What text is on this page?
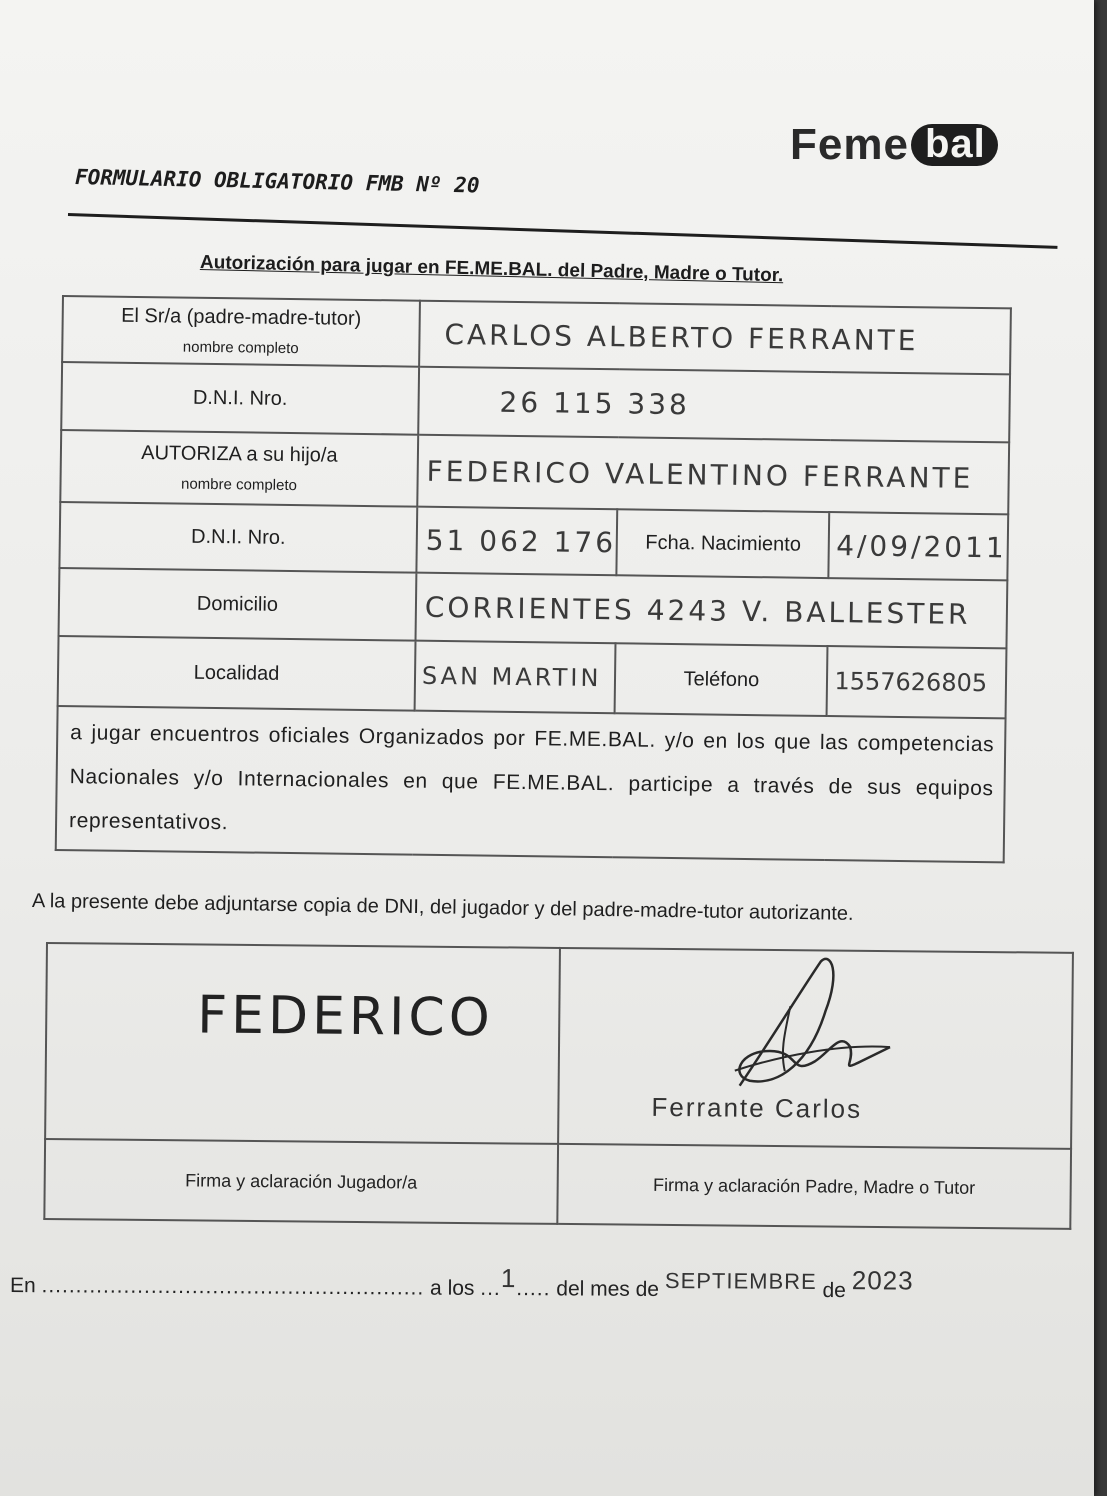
Feme bal
FORMULARIO OBLIGATORIO FMB Nº 20
Autorización para jugar en FE.ME.BAL. del Padre, Madre o Tutor.
El Sr/a (padre-madre-tutor)
nombre completo	CARLOS ALBERTO FERRANTE		
D.N.I. Nro.	26 115 338		
AUTORIZA a su hijo/a
nombre completo	FEDERICO VALENTINO FERRANTE		
D.N.I. Nro.	51 062 176	Fcha. Nacimiento	4/09/2011
Domicilio	CORRIENTES 4243 V. BALLESTER		
Localidad	SAN MARTIN	Teléfono	1557626805
a jugar encuentros oficiales Organizados por FE.ME.BAL. y/o en los que las competencias Nacionales y/o Internacionales en que FE.ME.BAL. participe a través de sus equipos representativos.			
A la presente debe adjuntarse copia de DNI, del jugador y del padre-madre-tutor autorizante.
FEDERICO	Ferrante Carlos

Firma y aclaración Jugador/a	Firma y aclaración Padre, Madre o Tutor
En ........................................................ a los ...1..... del mes de SEPTIEMBRE de 2023
